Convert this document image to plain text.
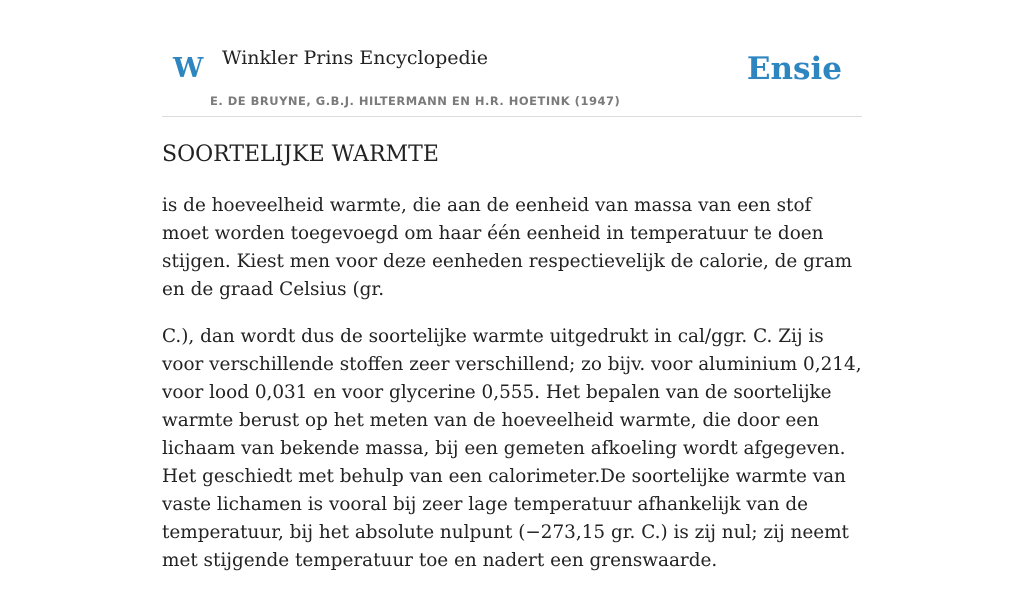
W Winkler Prins Encyclopedie
E. DE BRUYNE, G.B.J. HILTERMANN EN H.R. HOETINK (1947)
Ensie
SOORTELIJKE WARMTE

is de hoeveelheid warmte, die aan de eenheid van massa van een stof moet worden toegevoegd om haar één eenheid in temperatuur te doen stijgen. Kiest men voor deze eenheden respectievelijk de calorie, de gram en de graad Celsius (gr.

C.), dan wordt dus de soortelijke warmte uitgedrukt in cal/ggr. C. Zij is voor verschillende stoffen zeer verschillend; zo bijv. voor aluminium 0,214, voor lood 0,031 en voor glycerine 0,555. Het bepalen van de soortelijke warmte berust op het meten van de hoeveelheid warmte, die door een lichaam van bekende massa, bij een gemeten afkoeling wordt afgegeven. Het geschiedt met behulp van een calorimeter.De soortelijke warmte van vaste lichamen is vooral bij zeer lage temperatuur afhankelijk van de temperatuur, bij het absolute nulpunt (−273,15 gr. C.) is zij nul; zij neemt met stijgende temperatuur toe en nadert een grenswaarde.
